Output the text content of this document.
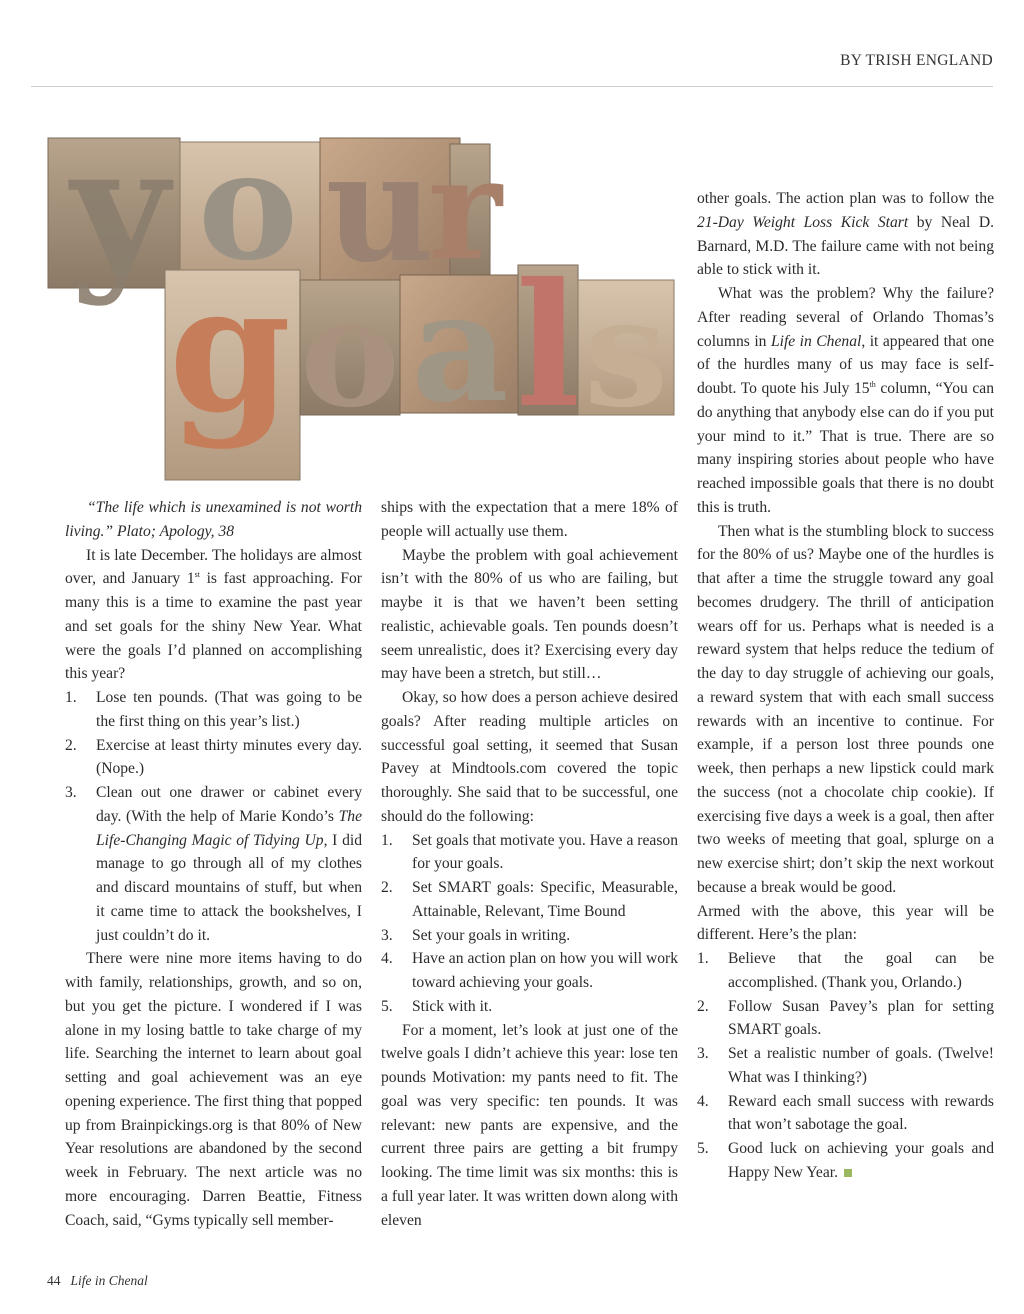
BY TRISH ENGLAND
y o u
r
g o a l s

“The life which is unexamined is not worth living.” Plato; Apology, 38

It is late December. The holidays are almost over, and January 1st is fast approaching. For many this is a time to examine the past year and set goals for the shiny New Year. What were the goals I’d planned on accomplishing this year?

1. Lose ten pounds. (That was going to be the first thing on this year’s list.)
2. Exercise at least thirty minutes every day. (Nope.)
3. Clean out one drawer or cabinet every day. (With the help of Marie Kondo’s The Life-Changing Magic of Tidying Up, I did manage to go through all of my clothes and discard mountains of stuff, but when it came time to attack the bookshelves, I just couldn’t do it.

There were nine more items having to do with family, relationships, growth, and so on, but you get the picture. I wondered if I was alone in my losing battle to take charge of my life. Searching the internet to learn about goal setting and goal achievement was an eye opening experience. The first thing that popped up from Brainpickings.org is that 80% of New Year resolutions are abandoned by the second week in February. The next article was no more encouraging. Darren Beattie, Fitness Coach, said, “Gyms typically sell member-

ships with the expectation that a mere 18% of people will actually use them.

Maybe the problem with goal achievement isn’t with the 80% of us who are failing, but maybe it is that we haven’t been setting realistic, achievable goals. Ten pounds doesn’t seem unrealistic, does it? Exercising every day may have been a stretch, but still…

Okay, so how does a person achieve desired goals? After reading multiple articles on successful goal setting, it seemed that Susan Pavey at Mindtools.com covered the topic thoroughly. She said that to be successful, one should do the following:

1. Set goals that motivate you. Have a reason for your goals.
2. Set SMART goals: Specific, Measurable, Attainable, Relevant, Time Bound
3. Set your goals in writing.
4. Have an action plan on how you will work toward achieving your goals.
5. Stick with it.

For a moment, let’s look at just one of the twelve goals I didn’t achieve this year: lose ten pounds Motivation: my pants need to fit. The goal was very specific: ten pounds. It was relevant: new pants are expensive, and the current three pairs are getting a bit frumpy looking. The time limit was six months: this is a full year later. It was written down along with eleven

other goals. The action plan was to follow the 21-Day Weight Loss Kick Start by Neal D. Barnard, M.D. The failure came with not being able to stick with it.

What was the problem? Why the failure? After reading several of Orlando Thomas’s columns in Life in Chenal, it appeared that one of the hurdles many of us may face is self-doubt. To quote his July 15th column, “You can do anything that anybody else can do if you put your mind to it.” That is true. There are so many inspiring stories about people who have reached impossible goals that there is no doubt this is truth.

Then what is the stumbling block to success for the 80% of us? Maybe one of the hurdles is that after a time the struggle toward any goal becomes drudgery. The thrill of anticipation wears off for us. Perhaps what is needed is a reward system that helps reduce the tedium of the day to day struggle of achieving our goals, a reward system that with each small success rewards with an incentive to continue. For example, if a person lost three pounds one week, then perhaps a new lipstick could mark the success (not a chocolate chip cookie). If exercising five days a week is a goal, then after two weeks of meeting that goal, splurge on a new exercise shirt; don’t skip the next workout because a break would be good.

Armed with the above, this year will be different. Here’s the plan:

1. Believe that the goal can be accomplished. (Thank you, Orlando.)
2. Follow Susan Pavey’s plan for setting SMART goals.
3. Set a realistic number of goals. (Twelve! What was I thinking?)
4. Reward each small success with rewards that won’t sabotage the goal.
5. Good luck on achieving your goals and Happy New Year.
44 Life in Chenal
